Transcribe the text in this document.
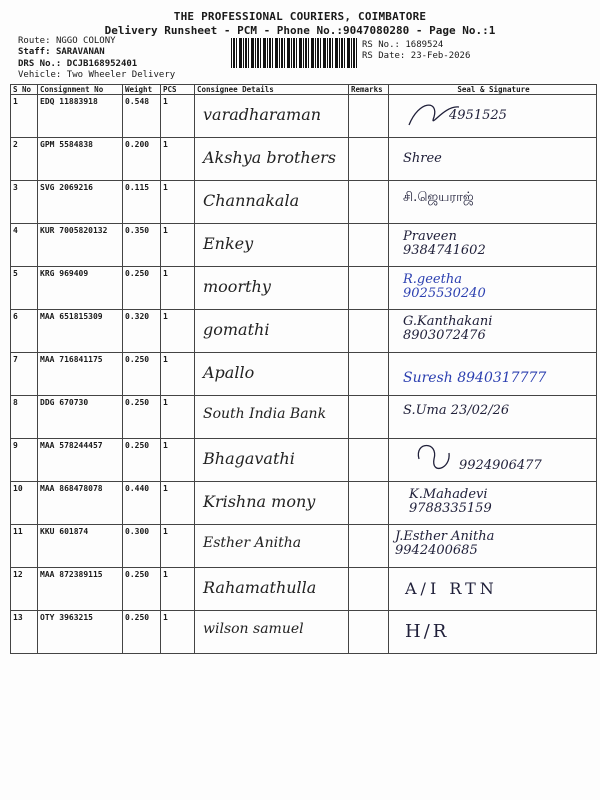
THE PROFESSIONAL COURIERS, COIMBATORE
Delivery Runsheet - PCM - Phone No.:9047080280 - Page No.:1
Route: NGGO COLONY
Staff: SARAVANAN
DRS No.: DCJB168952401
Vehicle: Two Wheeler Delivery
RS No.: 1689524
RS Date: 23-Feb-2026
S No	Consignment No	Weight	PCS	Consignee Details	Remarks	Seal & Signature
1	EDQ 11883918	0.548	1	varadharaman		4951525

2	GPM 5584838	0.200	1	Akshya brothers		Shree

3	SVG 2069216	0.115	1	Channakala		சி.ஜெயராஜ்

4	KUR 7005820132	0.350	1	Enkey		Praveen 9384741602

5	KRG 969409	0.250	1	moorthy		R.geetha 9025530240

6	MAA 651815309	0.320	1	gomathi		G.Kanthakani 8903072476

7	MAA 716841175	0.250	1	Apallo		Suresh 8940317777

8	DDG 670730	0.250	1	South India Bank		S.Uma 23/02/26

9	MAA 578244457	0.250	1	Bhagavathi		9924906477

10	MAA 868478078	0.440	1	Krishna mony		K.Mahadevi 9788335159

11	KKU 601874	0.300	1	Esther Anitha		J.Esther Anitha 9942400685

12	MAA 872389115	0.250	1	Rahamathulla		A/I RTN

13	OTY 3963215	0.250	1	wilson samuel		H/R
